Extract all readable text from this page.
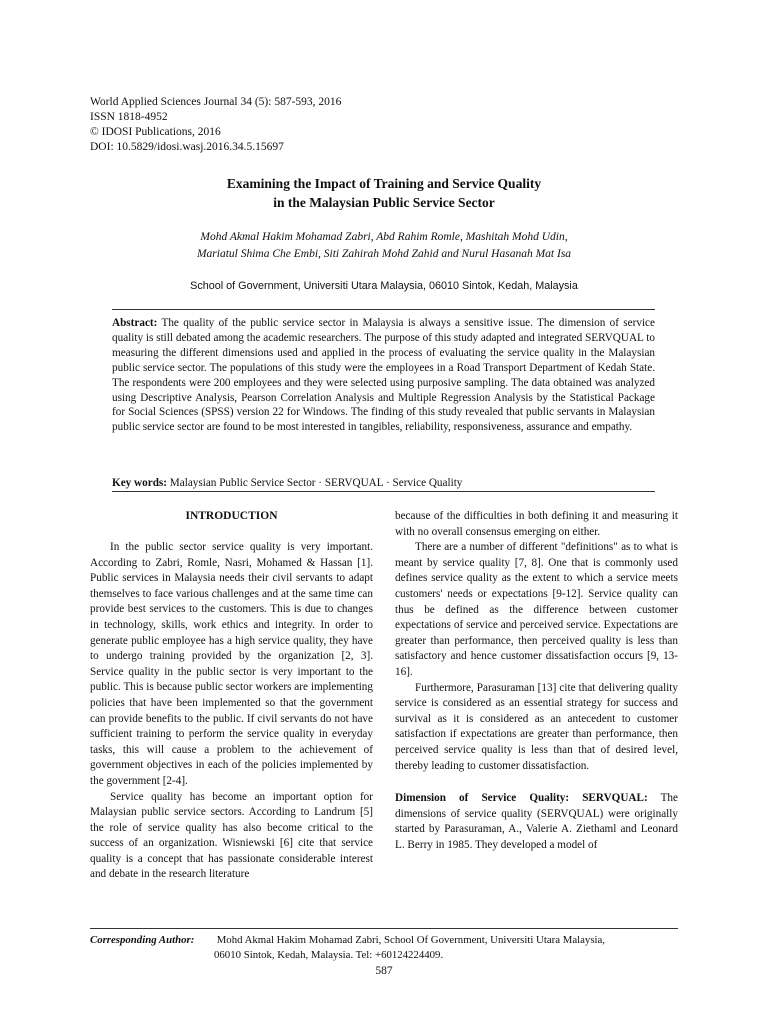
World Applied Sciences Journal 34 (5): 587-593, 2016
ISSN 1818-4952
© IDOSI Publications, 2016
DOI: 10.5829/idosi.wasj.2016.34.5.15697
Examining the Impact of Training and Service Quality
in the Malaysian Public Service Sector
Mohd Akmal Hakim Mohamad Zabri, Abd Rahim Romle, Mashitah Mohd Udin,
Mariatul Shima Che Embi, Siti Zahirah Mohd Zahid and Nurul Hasanah Mat Isa
School of Government, Universiti Utara Malaysia, 06010 Sintok, Kedah, Malaysia
Abstract: The quality of the public service sector in Malaysia is always a sensitive issue. The dimension of service quality is still debated among the academic researchers. The purpose of this study adapted and integrated SERVQUAL to measuring the different dimensions used and applied in the process of evaluating the service quality in the Malaysian public service sector. The populations of this study were the employees in a Road Transport Department of Kedah State. The respondents were 200 employees and they were selected using purposive sampling. The data obtained was analyzed using Descriptive Analysis, Pearson Correlation Analysis and Multiple Regression Analysis by the Statistical Package for Social Sciences (SPSS) version 22 for Windows. The finding of this study revealed that public servants in Malaysian public service sector are found to be most interested in tangibles, reliability, responsiveness, assurance and empathy.
Key words: Malaysian Public Service Sector · SERVQUAL · Service Quality
INTRODUCTION

In the public sector service quality is very important. According to Zabri, Romle, Nasri, Mohamed & Hassan [1]. Public services in Malaysia needs their civil servants to adapt themselves to face various challenges and at the same time can provide best services to the customers. This is due to changes in technology, skills, work ethics and integrity. In order to generate public employee has a high service quality, they have to undergo training provided by the organization [2, 3]. Service quality in the public sector is very important to the public. This is because public sector workers are implementing policies that have been implemented so that the government can provide benefits to the public. If civil servants do not have sufficient training to perform the service quality in everyday tasks, this will cause a problem to the achievement of government objectives in each of the policies implemented by the government [2-4].

Service quality has become an important option for Malaysian public service sectors. According to Landrum [5] the role of service quality has also become critical to the success of an organization. Wisniewski [6] cite that service quality is a concept that has passionate considerable interest and debate in the research literature

because of the difficulties in both defining it and measuring it with no overall consensus emerging on either.

There are a number of different "definitions" as to what is meant by service quality [7, 8]. One that is commonly used defines service quality as the extent to which a service meets customers' needs or expectations [9-12]. Service quality can thus be defined as the difference between customer expectations of service and perceived service. Expectations are greater than performance, then perceived quality is less than satisfactory and hence customer dissatisfaction occurs [9, 13-16].

Furthermore, Parasuraman [13] cite that delivering quality service is considered as an essential strategy for success and survival as it is considered as an antecedent to customer satisfaction if expectations are greater than performance, then perceived service quality is less than that of desired level, thereby leading to customer dissatisfaction.

Dimension of Service Quality: SERVQUAL: The dimensions of service quality (SERVQUAL) were originally started by Parasuraman, A., Valerie A. Ziethaml and Leonard L. Berry in 1985. They developed a model of

Corresponding Author: Mohd Akmal Hakim Mohamad Zabri, School Of Government, Universiti Utara Malaysia,
06010 Sintok, Kedah, Malaysia. Tel: +60124224409.
587
